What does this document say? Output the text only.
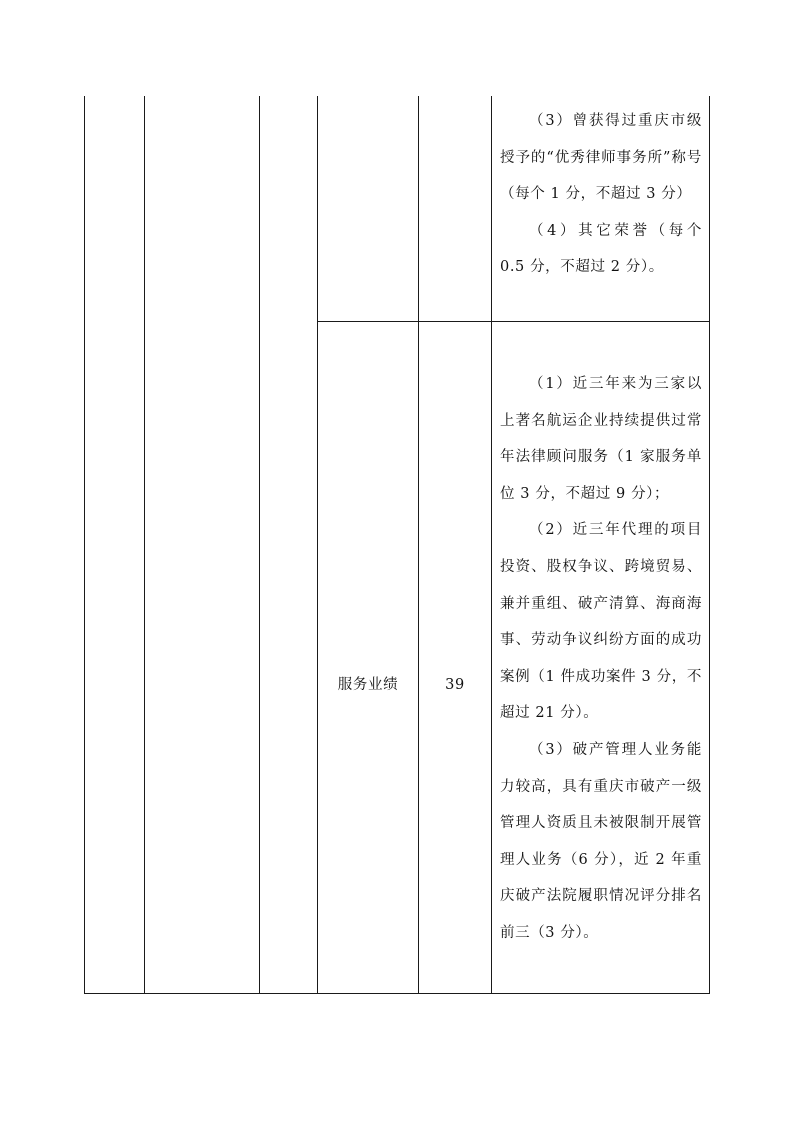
（3）曾获得过重庆市级授予的“优秀律师事务所”称号（每个 1 分，不超过 3 分）

（4）其它荣誉（每个 0.5 分，不超过 2 分）。

服务业绩	39

（1）近三年来为三家以上著名航运企业持续提供过常年法律顾问服务（1 家服务单位 3 分，不超过 9 分）；

（2）近三年代理的项目投资、股权争议、跨境贸易、兼并重组、破产清算、海商海事、劳动争议纠纷方面的成功案例（1 件成功案件 3 分，不超过 21 分）。

（3）破产管理人业务能力较高，具有重庆市破产一级管理人资质且未被限制开展管理人业务（6 分），近 2 年重庆破产法院履职情况评分排名前三（3 分）。
